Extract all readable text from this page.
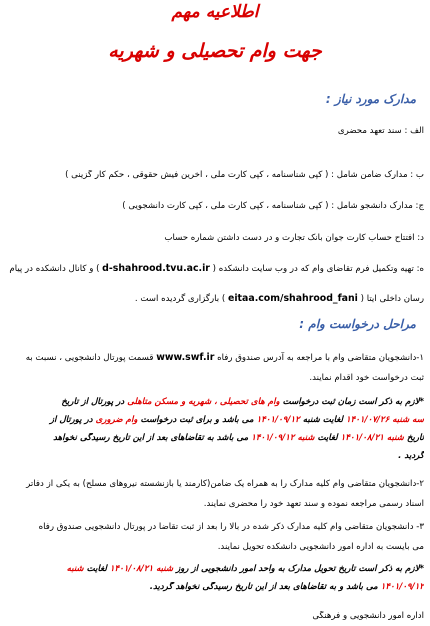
اطلاعیه مهم
جهت وام تحصیلی و شهریه
مدارک مورد نیاز :
الف : سند تعهد محضری
ب : مدارک ضامن شامل : ( کپی شناسنامه ، کپی کارت ملی ، آخرین فیش حقوقی ، حکم کار گزینی )
ج: مدارک دانشجو شامل : ( کپی شناسنامه ، کپی کارت ملی ، کپی کارت دانشجویی )
د: افتتاح حساب کارت جوان بانک تجارت و در دست داشتن شماره حساب
ه: تهیه وتکمیل فرم تقاضای وام که در وب سایت دانشکده ( d-shahrood.tvu.ac.ir ) و کانال دانشکده در پیام
رسان داخلی ایتا ( eitaa.com/shahrood_fani ) بارگزاری گردیده است .
مراحل درخواست وام :
۱-دانشجویان متقاضی وام با مراجعه به آدرس صندوق رفاه www.swf.ir قسمت پورتال دانشجویی ، نسبت به
ثبت درخواست خود اقدام نمایند.
*لازم به ذکر است زمان ثبت درخواست وام های تحصیلی ، شهریه و مسکن متاهلی در پورتال از تاریخ
سه شنبه ۱۴۰۱/۰۷/۲۶ لغایت شنبه ۱۴۰۱/۰۹/۱۲ می باشد و برای ثبت درخواست وام ضروری در پورتال از
تاریخ شنبه ۱۴۰۱/۰۸/۲۱ لغایت شنبه ۱۴۰۱/۰۹/۱۲ می باشد به تقاضاهای بعد از این تاریخ رسیدگی نخواهد
گردید .
۲-دانشجویان متقاضی وام کلیه مدارک را به همراه یک ضامن(کارمند یا بازنشسته نیروهای مسلح) به یکی از دفاتر
اسناد رسمی مراجعه نموده و سند تعهد خود را محضری نمایند.
۳- دانشجویان متقاضی وام کلیه مدارک ذکر شده در بالا را بعد از ثبت تقاضا در پورتال دانشجویی صندوق رفاه
می بایست به اداره امور دانشجویی دانشکده تحویل نمایند.
*لازم به ذکر است تاریخ تحویل مدارک به واحد امور دانشجویی از روز شنبه ۱۴۰۱/۰۸/۲۱ لغایت شنبه
۱۴۰۱/۰۹/۱۲ می باشد و به تقاضاهای بعد از این تاریخ رسیدگی نخواهد گردید.
اداره امور دانشجویی و فرهنگی
